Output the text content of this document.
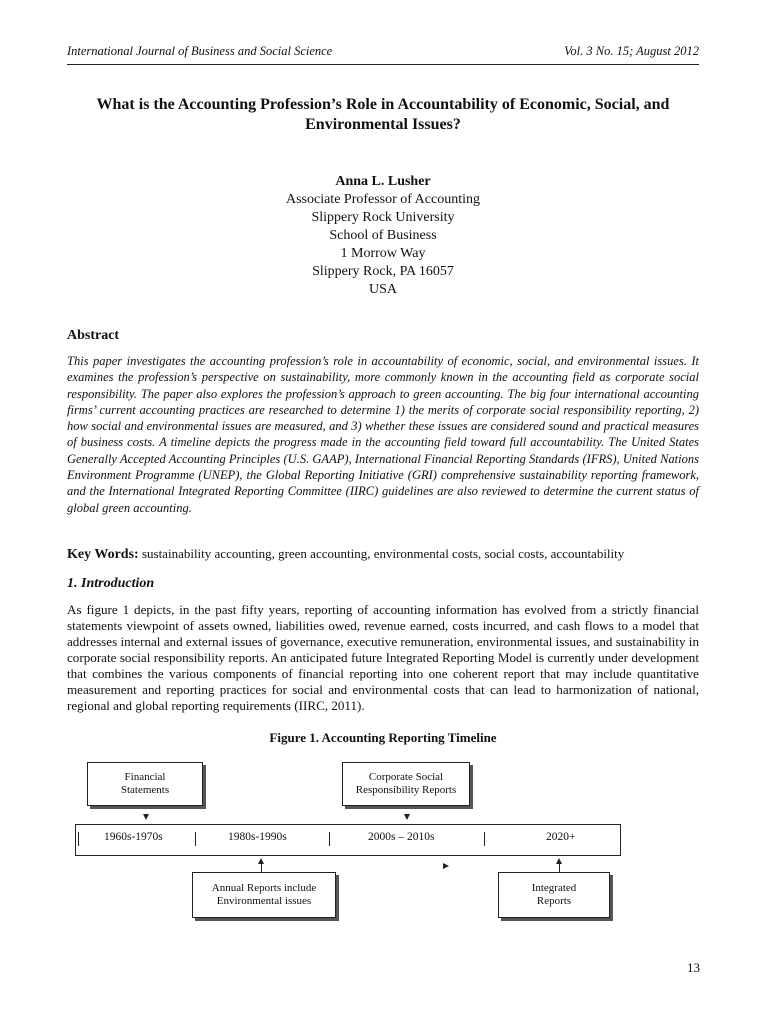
International Journal of Business and Social Science	Vol. 3 No. 15; August 2012
What is the Accounting Profession’s Role in Accountability of Economic, Social, and Environmental Issues?
Anna L. Lusher
Associate Professor of Accounting
Slippery Rock University
School of Business
1 Morrow Way
Slippery Rock, PA 16057
USA
Abstract
This paper investigates the accounting profession’s role in accountability of economic, social, and environmental issues. It examines the profession’s perspective on sustainability, more commonly known in the accounting field as corporate social responsibility. The paper also explores the profession’s approach to green accounting. The big four international accounting firms’ current accounting practices are researched to determine 1) the merits of corporate social responsibility reporting, 2) how social and environmental issues are measured, and 3) whether these issues are considered sound and practical measures of business costs. A timeline depicts the progress made in the accounting field toward full accountability. The United States Generally Accepted Accounting Principles (U.S. GAAP), International Financial Reporting Standards (IFRS), United Nations Environment Programme (UNEP), the Global Reporting Initiative (GRI) comprehensive sustainability reporting framework, and the International Integrated Reporting Committee (IIRC) guidelines are also reviewed to determine the current status of global green accounting.
Key Words: sustainability accounting, green accounting, environmental costs, social costs, accountability
1. Introduction
As figure 1 depicts, in the past fifty years, reporting of accounting information has evolved from a strictly financial statements viewpoint of assets owned, liabilities owed, revenue earned, costs incurred, and cash flows to a model that addresses internal and external issues of governance, executive remuneration, environmental issues, and sustainability in corporate social responsibility reports. An anticipated future Integrated Reporting Model is currently under development that combines the various components of financial reporting into one coherent report that may include quantitative measurement and reporting practices for social and environmental costs that can lead to harmonization of national, regional and global reporting requirements (IIRC, 2011).
Figure 1. Accounting Reporting Timeline
Financial
Statements
Corporate Social
Responsibility Reports
1960s-1970s	1980s-1990s	2000s – 2010s	2020+
Annual Reports include
Environmental issues
Integrated
Reports
13
